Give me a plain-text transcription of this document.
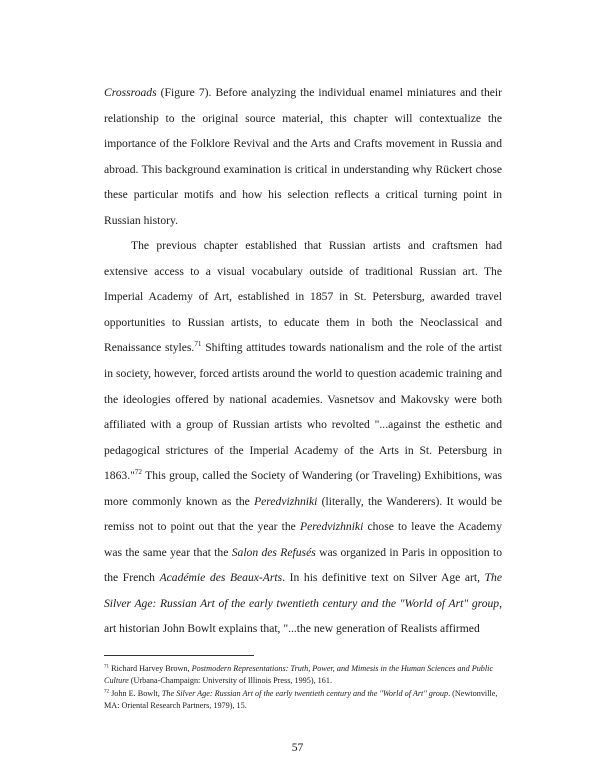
Crossroads (Figure 7). Before analyzing the individual enamel miniatures and their relationship to the original source material, this chapter will contextualize the importance of the Folklore Revival and the Arts and Crafts movement in Russia and abroad. This background examination is critical in understanding why Rückert chose these particular motifs and how his selection reflects a critical turning point in Russian history.

The previous chapter established that Russian artists and craftsmen had extensive access to a visual vocabulary outside of traditional Russian art. The Imperial Academy of Art, established in 1857 in St. Petersburg, awarded travel opportunities to Russian artists, to educate them in both the Neoclassical and Renaissance styles.$^{71}$ Shifting attitudes towards nationalism and the role of the artist in society, however, forced artists around the world to question academic training and the ideologies offered by national academies. Vasnetsov and Makovsky were both affiliated with a group of Russian artists who revolted "...against the esthetic and pedagogical strictures of the Imperial Academy of the Arts in St. Petersburg in 1863."$^{72}$ This group, called the Society of Wandering (or Traveling) Exhibitions, was more commonly known as the Peredvizhniki (literally, the Wanderers). It would be remiss not to point out that the year the Peredvizhniki chose to leave the Academy was the same year that the Salon des Refusés was organized in Paris in opposition to the French Académie des Beaux-Arts. In his definitive text on Silver Age art, The Silver Age: Russian Art of the early twentieth century and the "World of Art" group, art historian John Bowlt explains that, "...the new generation of Realists affirmed

$^{71}$ Richard Harvey Brown, Postmodern Representations: Truth, Power, and Mimesis in the Human Sciences and Public Culture (Urbana-Champaign: University of Illinois Press, 1995), 161.

$^{72}$ John E. Bowlt, The Silver Age: Russian Art of the early twentieth century and the "World of Art" group. (Newtonville, MA: Oriental Research Partners, 1979), 15.

57
